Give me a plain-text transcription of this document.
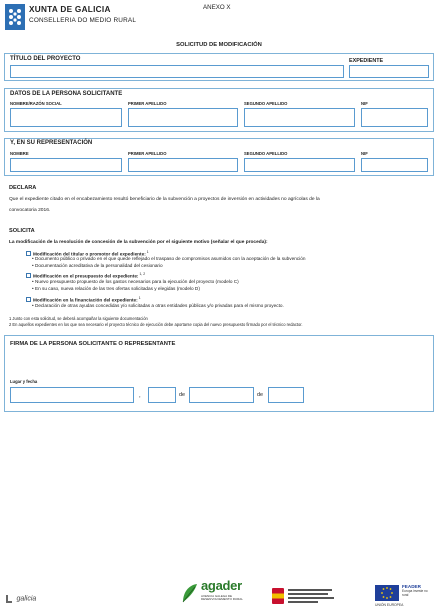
XUNTA DE GALICIA
CONSELLERIA DO MEDIO RURAL
ANEXO X
SOLICITUD DE MODIFICACIÓN
TÍTULO DEL PROYECTO	EXPEDIENTE
DATOS DE LA PERSONA SOLICITANTE
NOMBRE/RAZÓN SOCIAL	PRIMER APELLIDO	SEGUNDO APELLIDO	NIF
Y, EN SU REPRESENTACIÓN
NOMBRE	PRIMER APELLIDO	SEGUNDO APELLIDO	NIF
DECLARA
Que el expediente citado en el encabezamiento resultó beneficiario de la subvención a proyectos de inversión en actividades no agrícolas de la
convocatoria 2016.
SOLICITA
La modificación de la resolución de concesión de la subvención por el siguiente motivo (señalar el que proceda):
Modificación del titular o promotor del expediente:$^1$
• Documento público o privado en el que quede reflejado el traspaso de compromisos asumidos con la aceptación de la subvención
• Documentación acreditativa de la personalidad del cesionario
Modificación en el presupuesto del expediente:$^{1, 2}$
• Nuevo presupuesto propuesto de los gastos necesarios para la ejecución del proyecto (modelo C)
• En su caso, nueva relación de las tres ofertas solicitadas y elegidas (modelo D)
Modificación en la financiación del expediente:$^1$
• Declaración de otras ayudas concedidas y/o solicitadas a otras entidades públicas y/o privadas para el mismo proyecto.
1 Junto con esta solicitud, se deberá acompañar la siguiente documentación
2 En aquellos expedientes en los que sea necesario el proyecto técnico de ejecución debe aportarse copia del nuevo presupuesto firmado por el técnico redactor.
FIRMA DE LA PERSONA SOLICITANTE O REPRESENTANTE
Lugar y fecha
,	de	de
galicia
agader
AXENCIA GALEGA DE DESENVOLVEMENTO RURAL
FEADER
Europa investe no rural
UNIÓN EUROPEA
